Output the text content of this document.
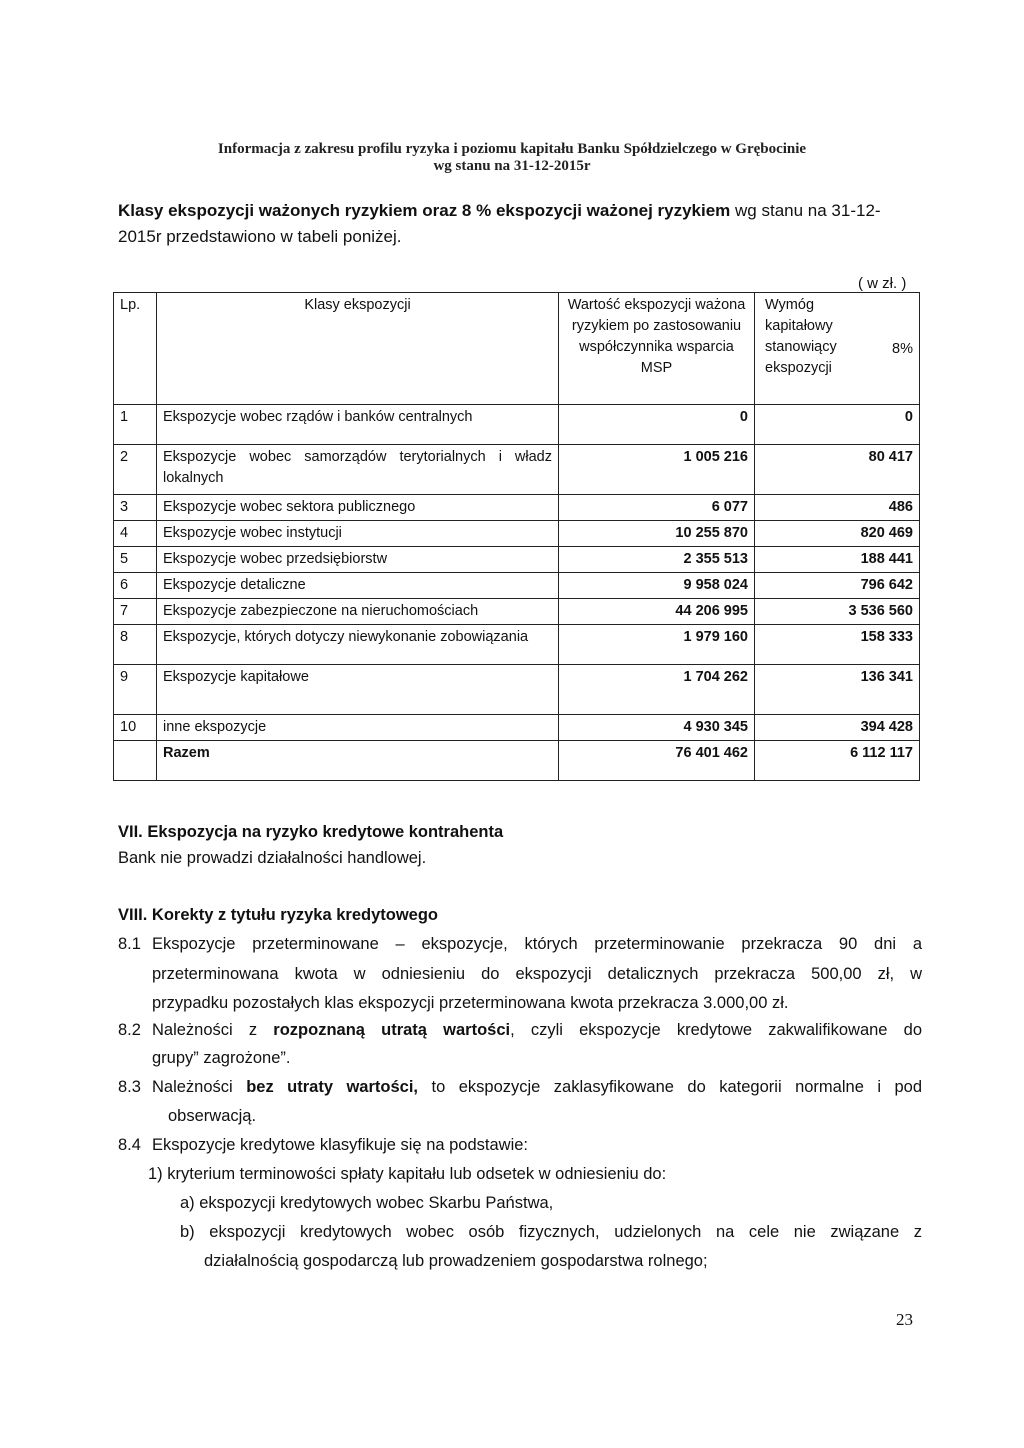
Informacja z zakresu profilu ryzyka i poziomu kapitału Banku Spółdzielczego w Grębocinie
wg stanu na 31-12-2015r
Klasy ekspozycji ważonych ryzykiem oraz 8 % ekspozycji ważonej ryzykiem wg stanu na 31-12-2015r przedstawiono w tabeli poniżej.
( w zł. )
Lp.	Klasy ekspozycji	Wartość ekspozycji ważona ryzykiem po zastosowaniu współczynnika wsparcia MSP	Wymóg kapitałowy stanowiący ekspozycji
8%

1	Ekspozycje wobec rządów i banków centralnych	0	0
2	Ekspozycje wobec samorządów terytorialnych i władz lokalnych	1 005 216	80 417
3	Ekspozycje wobec sektora publicznego	6 077	486
4	Ekspozycje wobec instytucji	10 255 870	820 469
5	Ekspozycje wobec przedsiębiorstw	2 355 513	188 441
6	Ekspozycje detaliczne	9 958 024	796 642
7	Ekspozycje zabezpieczone na nieruchomościach	44 206 995	3 536 560
8	Ekspozycje, których dotyczy niewykonanie zobowiązania	1 979 160	158 333
9	Ekspozycje kapitałowe	1 704 262	136 341
10	inne ekspozycje	4 930 345	394 428
	Razem	76 401 462	6 112 117
VII. Ekspozycja na ryzyko kredytowe kontrahenta
Bank nie prowadzi działalności handlowej.
VIII. Korekty z tytułu ryzyka kredytowego
8.1 Ekspozycje przeterminowane – ekspozycje, których przeterminowanie przekracza 90 dni a
przeterminowana kwota w odniesieniu do ekspozycji detalicznych przekracza 500,00 zł, w
przypadku pozostałych klas ekspozycji przeterminowana kwota przekracza 3.000,00 zł.
8.2 Należności z rozpoznaną utratą wartości, czyli ekspozycje kredytowe zakwalifikowane do
grupy” zagrożone”.
8.3 Należności bez utraty wartości, to ekspozycje zaklasyfikowane do kategorii normalne i pod
obserwacją.
8.4 Ekspozycje kredytowe klasyfikuje się na podstawie:
1) kryterium terminowości spłaty kapitału lub odsetek w odniesieniu do:
a) ekspozycji kredytowych wobec Skarbu Państwa,
b) ekspozycji kredytowych wobec osób fizycznych, udzielonych na cele nie związane z
działalnością gospodarczą lub prowadzeniem gospodarstwa rolnego;
23
